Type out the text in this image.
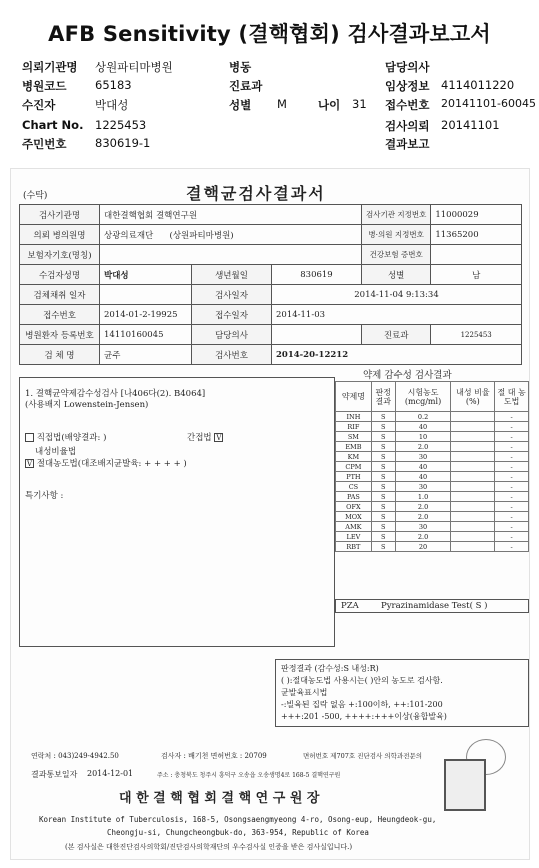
AFB Sensitivity (결핵협회) 검사결과보고서
의뢰기관명 상원파티마병원
병원코드 65183
수진자	박대성
Chart No. 1225453
주민번호 830619-1
병동
진료과
성별 M	나이 31
담당의사
임상정보 4114011220
접수번호 20141101-60045
검사의뢰 20141101
결과보고
(수탁)	결핵균검사결과서
검사기관명	대한결핵협회 결핵연구원			검사기관 지정번호	11000029
의뢰 병의원명	상광의료재단 (상원파티마병원)			병·의원 지정번호	11365200
보험자기호(명칭)				건강보험 증번호	
수검자성명	박대성	생년월일	830619	성별	남
검체채취 일자		검사일자	2014-11-04 9:13:34		
접수번호	2014-01-2-19925	접수일자	2014-11-03		
병원환자 등록번호	14110160045	담당의사		진료과	1225453
검 체 명	균주	검사번호	2014-20-12212		
1. 결핵균약제감수성검사 [나406다(2). B4064]
(사용배지 Lowenstein-Jensen)
직접법(배양결과: )	간접법 V
내성비율법
V 절대농도법(대조배지균발육: + + + + )
특기사항 :
약제 감수성 검사결과
약제명	판정 결과	시험농도 (mcg/ml)	내성 비율(%)	절 대 농도법
INH	S	0.2		-
RIF	S	40		-
SM	S	10		-
EMB	S	2.0		-
KM	S	30		-
CPM	S	40		-
PTH	S	40		-
CS	S	30		-
PAS	S	1.0		-
OFX	S	2.0		-
MOX	S	2.0		-
AMK	S	30		-
LEV	S	2.0		-
RBT	S	20		-
PZA	Pyrazinamidase Test( S )
판정결과 (감수성:S 내성:R)
( ):절대농도법 사용시는( )안의 농도로 검사함.
균발육표시법
-:빌육된 집락 없음 +:100이하, ++:101-200
+++:201 -500, ++++:+++이상(융합발육)
연락처 : 043)249-4942.50	검사자 : 배기천 면허번호 : 20709	면허번호 제707호 진단검사 의학과전문의
결과통보일자 2014-12-01	주소 : 충청북도 청주시 흥덕구 오송읍 오송생명4로 168-5 결핵연구원
대 한 결 핵 협 회 결 핵 연 구 원 장
Korean Institute of Tuberculosis, 168-5, Osongsaengmyeong 4-ro, Osong-eup, Heungdeok-gu,
Cheongju-si, Chungcheongbuk-do, 363-954, Republic of Korea
(본 검사실은 대한진단검사의학회/진단검사의학재단의 우수검사실 인증을 받은 검사실입니다.)
